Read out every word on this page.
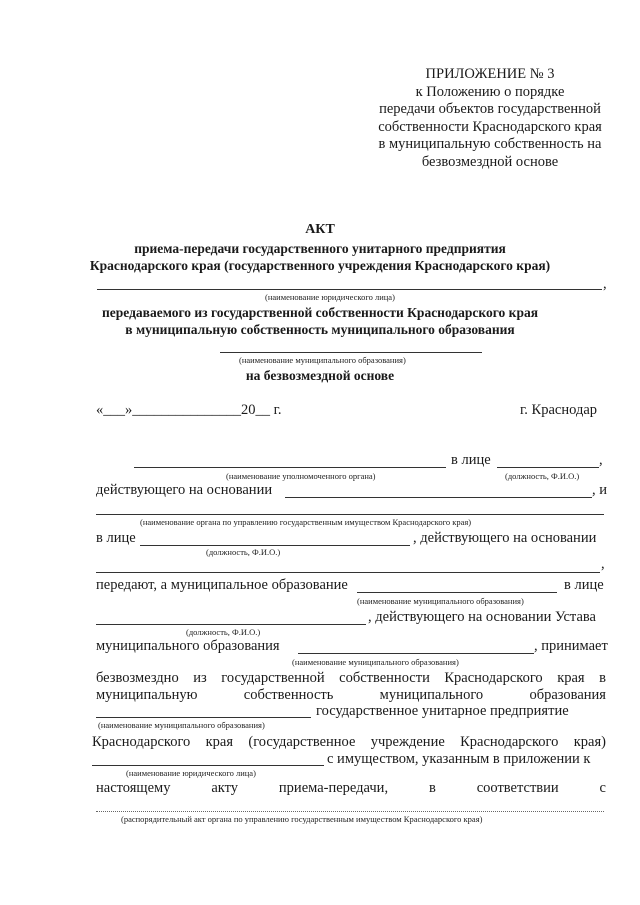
ПРИЛОЖЕНИЕ № 3
к Положению о порядке
передачи объектов государственной
собственности Краснодарского края
в муниципальную собственность на
безвозмездной основе
АКТ
приема-передачи государственного унитарного предприятия
Краснодарского края (государственного учреждения Краснодарского края)
,
(наименование юридического лица)
передаваемого из государственной собственности Краснодарского края
в муниципальную собственность муниципального образования
(наименование муниципального образования)
на безвозмездной основе
«___»_______________20__ г.	г. Краснодар
в лице	,
(наименование уполномоченного органа)	(должность, Ф.И.О.)
действующего на основании	, и
(наименование органа по управлению государственным имуществом Краснодарского края)
в лице	, действующего на основании
(должность, Ф.И.О.)
,
передают, а муниципальное образование	в лице
(наименование муниципального образования)
, действующего на основании Устава
(должность, Ф.И.О.)
муниципального образования	, принимает
(наименование муниципального образования)
безвозмездно из государственной собственности Краснодарского края в
муниципальную	собственность	муниципального	образования
государственное унитарное предприятие
(наименование муниципального образования)
Краснодарского края (государственное учреждение Краснодарского края)
с имуществом, указанным в приложении к
(наименование юридического лица)
настоящему	акту	приема-передачи,	в	соответствии	с
(распорядительный акт органа по управлению государственным имуществом Краснодарского края)
